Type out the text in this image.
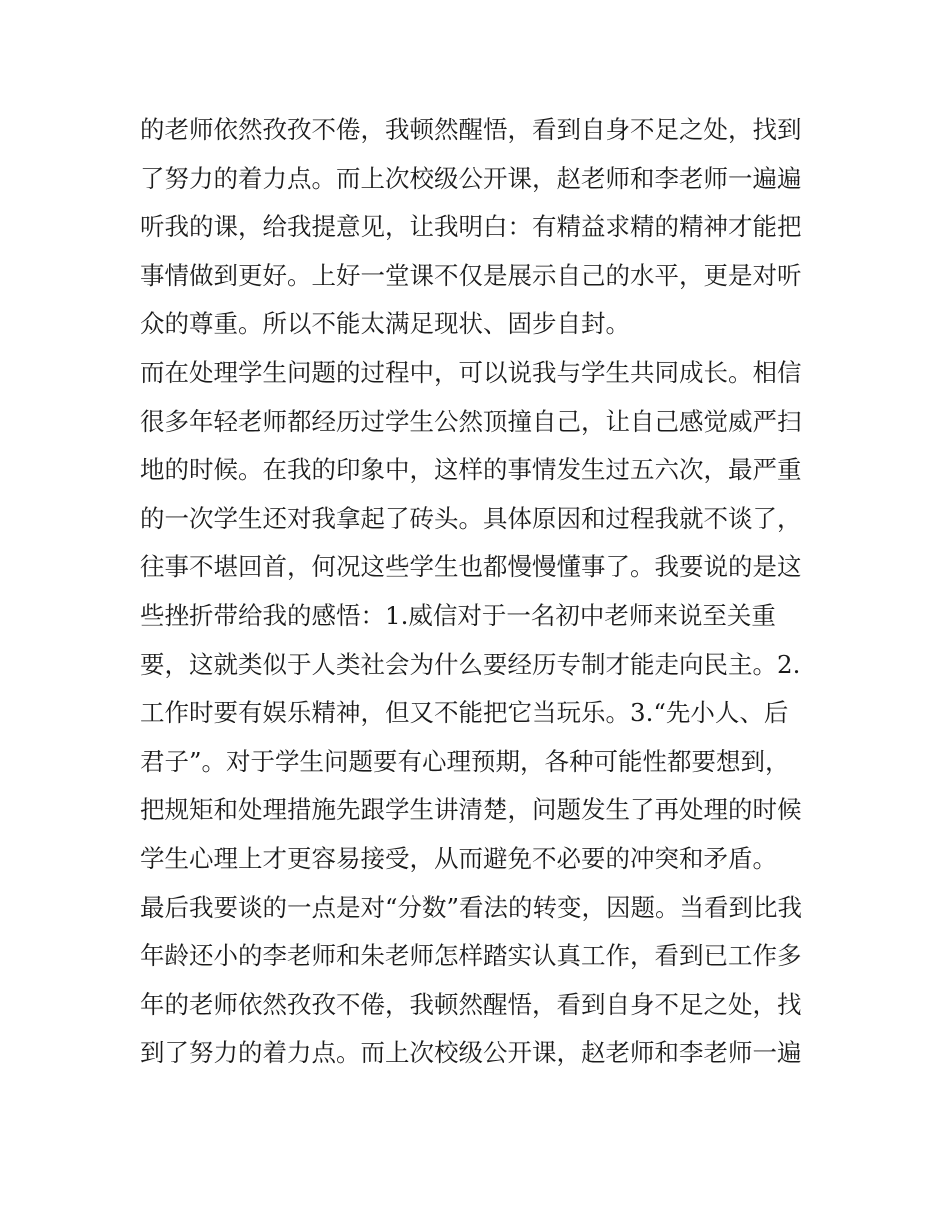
的老师依然孜孜不倦，我顿然醒悟，看到自身不足之处，找到
了努力的着力点。而上次校级公开课，赵老师和李老师一遍遍
听我的课，给我提意见，让我明白：有精益求精的精神才能把
事情做到更好。上好一堂课不仅是展示自己的水平，更是对听
众的尊重。所以不能太满足现状、固步自封。
而在处理学生问题的过程中，可以说我与学生共同成长。相信
很多年轻老师都经历过学生公然顶撞自己，让自己感觉威严扫
地的时候。在我的印象中，这样的事情发生过五六次，最严重
的一次学生还对我拿起了砖头。具体原因和过程我就不谈了，
往事不堪回首，何况这些学生也都慢慢懂事了。我要说的是这
些挫折带给我的感悟：1.威信对于一名初中老师来说至关重
要，这就类似于人类社会为什么要经历专制才能走向民主。2.
工作时要有娱乐精神，但又不能把它当玩乐。3.“先小人、后
君子”。对于学生问题要有心理预期，各种可能性都要想到，
把规矩和处理措施先跟学生讲清楚，问题发生了再处理的时候
学生心理上才更容易接受，从而避免不必要的冲突和矛盾。
最后我要谈的一点是对“分数”看法的转变，因题。当看到比我
年龄还小的李老师和朱老师怎样踏实认真工作，看到已工作多
年的老师依然孜孜不倦，我顿然醒悟，看到自身不足之处，找
到了努力的着力点。而上次校级公开课，赵老师和李老师一遍
